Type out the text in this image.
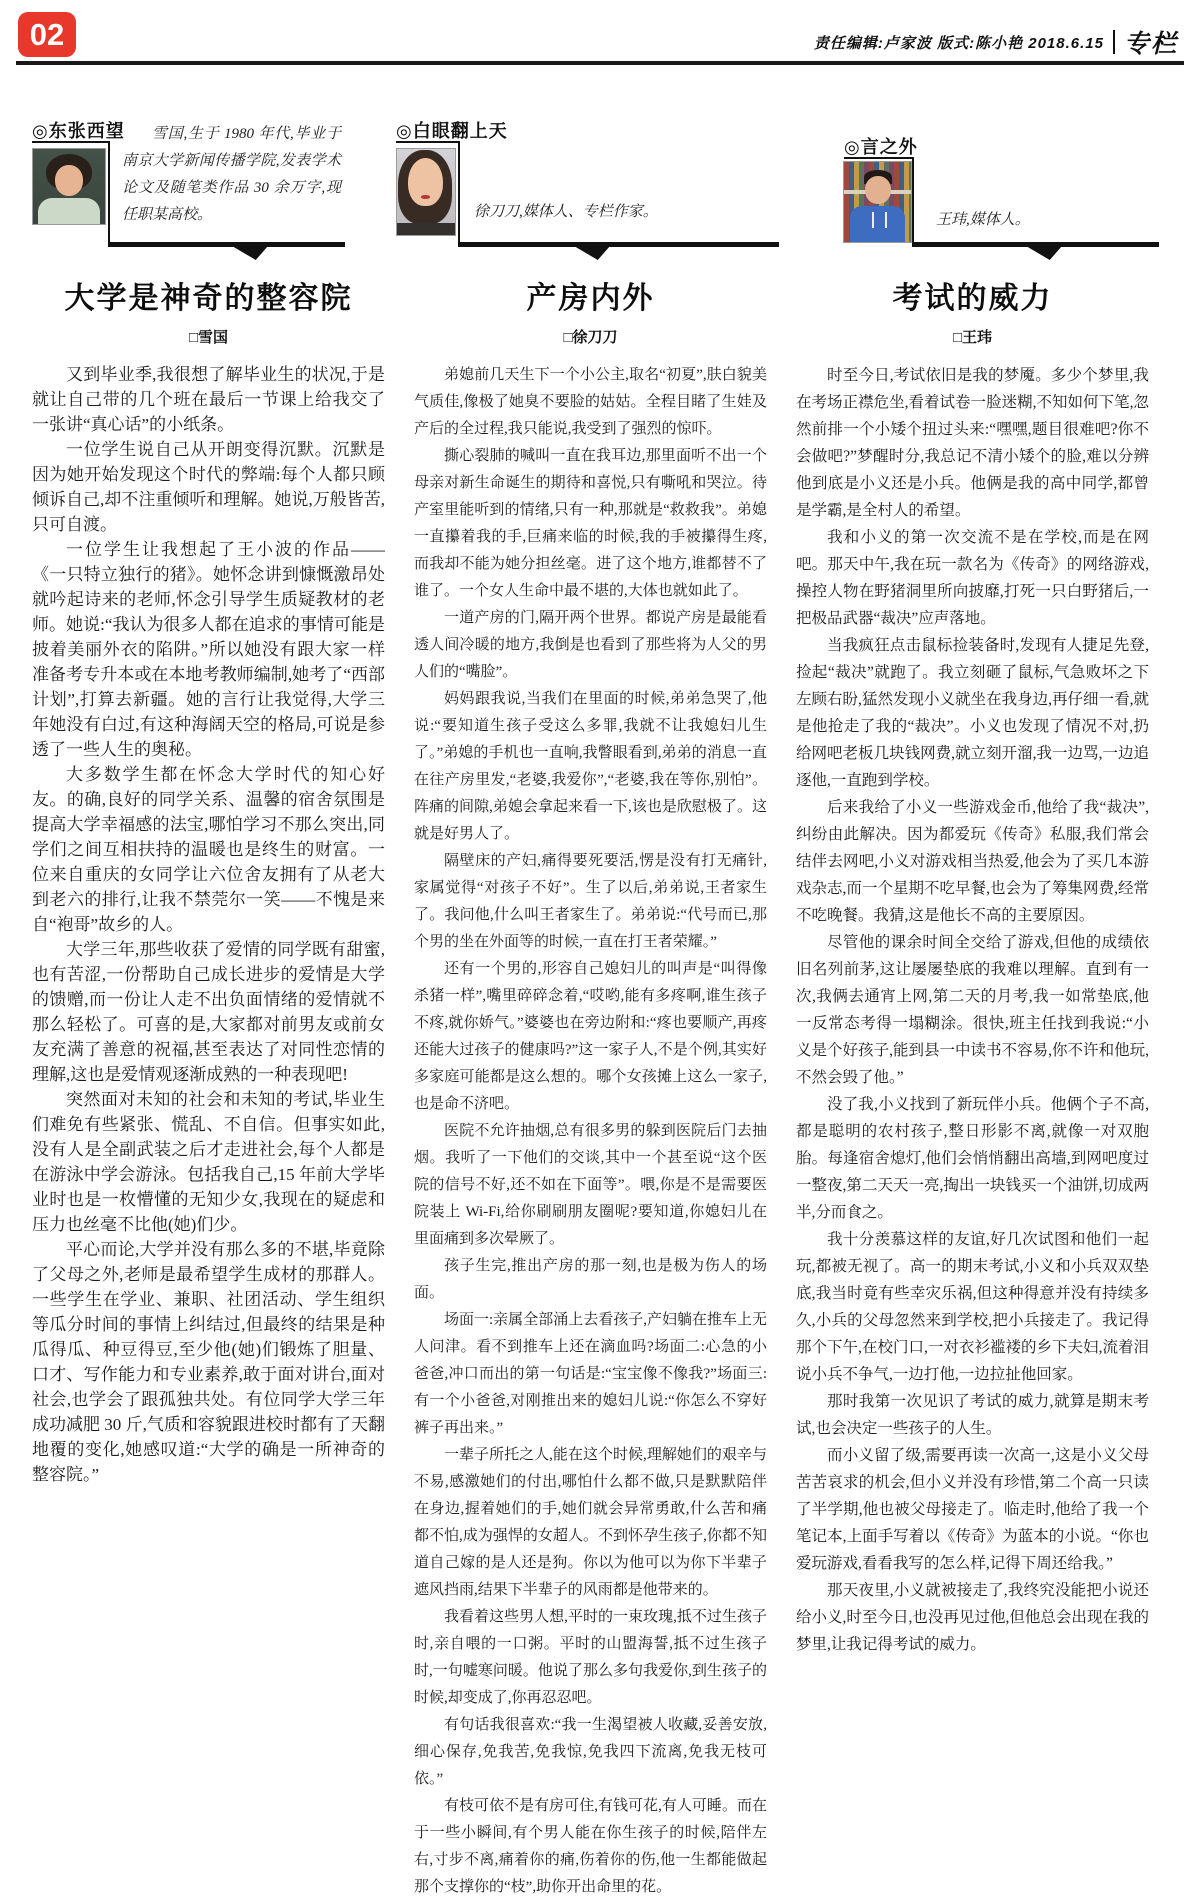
02	责任编辑:卢家波 版式:陈小艳 2018.6.15 专栏
◎东张西望	雪国,生于 1980 年代,毕业于南京大学新闻传播学院,发表学术论文及随笔类作品 30 余万字,现任职某高校。
大学是神奇的整容院
□雪国

又到毕业季,我很想了解毕业生的状况,于是就让自己带的几个班在最后一节课上给我交了一张讲“真心话”的小纸条。

一位学生说自己从开朗变得沉默。沉默是因为她开始发现这个时代的弊端:每个人都只顾倾诉自己,却不注重倾听和理解。她说,万般皆苦,只可自渡。

一位学生让我想起了王小波的作品——《一只特立独行的猪》。她怀念讲到慷慨激昂处就吟起诗来的老师,怀念引导学生质疑教材的老师。她说:“我认为很多人都在追求的事情可能是披着美丽外衣的陷阱。”所以她没有跟大家一样准备考专升本或在本地考教师编制,她考了“西部计划”,打算去新疆。她的言行让我觉得,大学三年她没有白过,有这种海阔天空的格局,可说是参透了一些人生的奥秘。

大多数学生都在怀念大学时代的知心好友。的确,良好的同学关系、温馨的宿舍氛围是提高大学幸福感的法宝,哪怕学习不那么突出,同学们之间互相扶持的温暖也是终生的财富。一位来自重庆的女同学让六位舍友拥有了从老大到老六的排行,让我不禁莞尔一笑——不愧是来自“袍哥”故乡的人。

大学三年,那些收获了爱情的同学既有甜蜜,也有苦涩,一份帮助自己成长进步的爱情是大学的馈赠,而一份让人走不出负面情绪的爱情就不那么轻松了。可喜的是,大家都对前男友或前女友充满了善意的祝福,甚至表达了对同性恋情的理解,这也是爱情观逐渐成熟的一种表现吧!

突然面对未知的社会和未知的考试,毕业生们难免有些紧张、慌乱、不自信。但事实如此,没有人是全副武装之后才走进社会,每个人都是在游泳中学会游泳。包括我自己,15 年前大学毕业时也是一枚懵懂的无知少女,我现在的疑虑和压力也丝毫不比他(她)们少。

平心而论,大学并没有那么多的不堪,毕竟除了父母之外,老师是最希望学生成材的那群人。一些学生在学业、兼职、社团活动、学生组织等瓜分时间的事情上纠结过,但最终的结果是种瓜得瓜、种豆得豆,至少他(她)们锻炼了胆量、口才、写作能力和专业素养,敢于面对讲台,面对社会,也学会了跟孤独共处。有位同学大学三年成功减肥 30 斤,气质和容貌跟进校时都有了天翻地覆的变化,她感叹道:“大学的确是一所神奇的整容院。”

◎白眼翻上天
徐刀刀,媒体人、专栏作家。
产房内外
□徐刀刀

弟媳前几天生下一个小公主,取名“初夏”,肤白貌美气质佳,像极了她臭不要脸的姑姑。全程目睹了生娃及产后的全过程,我只能说,我受到了强烈的惊吓。

撕心裂肺的喊叫一直在我耳边,那里面听不出一个母亲对新生命诞生的期待和喜悦,只有嘶吼和哭泣。待产室里能听到的情绪,只有一种,那就是“救救我”。弟媳一直攥着我的手,巨痛来临的时候,我的手被攥得生疼,而我却不能为她分担丝毫。进了这个地方,谁都替不了谁了。一个女人生命中最不堪的,大体也就如此了。

一道产房的门,隔开两个世界。都说产房是最能看透人间冷暖的地方,我倒是也看到了那些将为人父的男人们的“嘴脸”。

妈妈跟我说,当我们在里面的时候,弟弟急哭了,他说:“要知道生孩子受这么多罪,我就不让我媳妇儿生了。”弟媳的手机也一直响,我瞥眼看到,弟弟的消息一直在往产房里发,“老婆,我爱你”,“老婆,我在等你,别怕”。阵痛的间隙,弟媳会拿起来看一下,该也是欣慰极了。这就是好男人了。

隔壁床的产妇,痛得要死要活,愣是没有打无痛针,家属觉得“对孩子不好”。生了以后,弟弟说,王者家生了。我问他,什么叫王者家生了。弟弟说:“代号而已,那个男的坐在外面等的时候,一直在打王者荣耀。”

还有一个男的,形容自己媳妇儿的叫声是“叫得像杀猪一样”,嘴里碎碎念着,“哎哟,能有多疼啊,谁生孩子不疼,就你娇气。”婆婆也在旁边附和:“疼也要顺产,再疼还能大过孩子的健康吗?”这一家子人,不是个例,其实好多家庭可能都是这么想的。哪个女孩摊上这么一家子,也是命不济吧。

医院不允许抽烟,总有很多男的躲到医院后门去抽烟。我听了一下他们的交谈,其中一个甚至说“这个医院的信号不好,还不如在下面等”。喂,你是不是需要医院装上 Wi-Fi,给你刷刷朋友圈呢?要知道,你媳妇儿在里面痛到多次晕厥了。

孩子生完,推出产房的那一刻,也是极为伤人的场面。

场面一:亲属全部涌上去看孩子,产妇躺在推车上无人问津。看不到推车上还在滴血吗?场面二:心急的小爸爸,冲口而出的第一句话是:“宝宝像不像我?”场面三:有一个小爸爸,对刚推出来的媳妇儿说:“你怎么不穿好裤子再出来。”

一辈子所托之人,能在这个时候,理解她们的艰辛与不易,感激她们的付出,哪怕什么都不做,只是默默陪伴在身边,握着她们的手,她们就会异常勇敢,什么苦和痛都不怕,成为强悍的女超人。不到怀孕生孩子,你都不知道自己嫁的是人还是狗。你以为他可以为你下半辈子遮风挡雨,结果下半辈子的风雨都是他带来的。

我看着这些男人想,平时的一束玫瑰,抵不过生孩子时,亲自喂的一口粥。平时的山盟海誓,抵不过生孩子时,一句嘘寒问暖。他说了那么多句我爱你,到生孩子的时候,却变成了,你再忍忍吧。

有句话我很喜欢:“我一生渴望被人收藏,妥善安放,细心保存,免我苦,免我惊,免我四下流离,免我无枝可依。”

有枝可依不是有房可住,有钱可花,有人可睡。而在于一些小瞬间,有个男人能在你生孩子的时候,陪伴左右,寸步不离,痛着你的痛,伤着你的伤,他一生都能做起那个支撑你的“枝”,助你开出命里的花。

◎言之外
王玮,媒体人。
考试的威力
□王玮

时至今日,考试依旧是我的梦魇。多少个梦里,我在考场正襟危坐,看着试卷一脸迷糊,不知如何下笔,忽然前排一个小矮个扭过头来:“嘿嘿,题目很难吧?你不会做吧?”梦醒时分,我总记不清小矮个的脸,难以分辨他到底是小义还是小兵。他俩是我的高中同学,都曾是学霸,是全村人的希望。

我和小义的第一次交流不是在学校,而是在网吧。那天中午,我在玩一款名为《传奇》的网络游戏,操控人物在野猪洞里所向披靡,打死一只白野猪后,一把极品武器“裁决”应声落地。

当我疯狂点击鼠标捡装备时,发现有人捷足先登,捡起“裁决”就跑了。我立刻砸了鼠标,气急败坏之下左顾右盼,猛然发现小义就坐在我身边,再仔细一看,就是他抢走了我的“裁决”。小义也发现了情况不对,扔给网吧老板几块钱网费,就立刻开溜,我一边骂,一边追逐他,一直跑到学校。

后来我给了小义一些游戏金币,他给了我“裁决”,纠纷由此解决。因为都爱玩《传奇》私服,我们常会结伴去网吧,小义对游戏相当热爱,他会为了买几本游戏杂志,而一个星期不吃早餐,也会为了筹集网费,经常不吃晚餐。我猜,这是他长不高的主要原因。

尽管他的课余时间全交给了游戏,但他的成绩依旧名列前茅,这让屡屡垫底的我难以理解。直到有一次,我俩去通宵上网,第二天的月考,我一如常垫底,他一反常态考得一塌糊涂。很快,班主任找到我说:“小义是个好孩子,能到县一中读书不容易,你不许和他玩,不然会毁了他。”

没了我,小义找到了新玩伴小兵。他俩个子不高,都是聪明的农村孩子,整日形影不离,就像一对双胞胎。每逢宿舍熄灯,他们会悄悄翻出高墙,到网吧度过一整夜,第二天天一亮,掏出一块钱买一个油饼,切成两半,分而食之。

我十分羡慕这样的友谊,好几次试图和他们一起玩,都被无视了。高一的期末考试,小义和小兵双双垫底,我当时竟有些幸灾乐祸,但这种得意并没有持续多久,小兵的父母忽然来到学校,把小兵接走了。我记得那个下午,在校门口,一对衣衫褴褛的乡下夫妇,流着泪说小兵不争气,一边打他,一边拉扯他回家。

那时我第一次见识了考试的威力,就算是期末考试,也会决定一些孩子的人生。

而小义留了级,需要再读一次高一,这是小义父母苦苦哀求的机会,但小义并没有珍惜,第二个高一只读了半学期,他也被父母接走了。临走时,他给了我一个笔记本,上面手写着以《传奇》为蓝本的小说。“你也爱玩游戏,看看我写的怎么样,记得下周还给我。”

那天夜里,小义就被接走了,我终究没能把小说还给小义,时至今日,也没再见过他,但他总会出现在我的梦里,让我记得考试的威力。
